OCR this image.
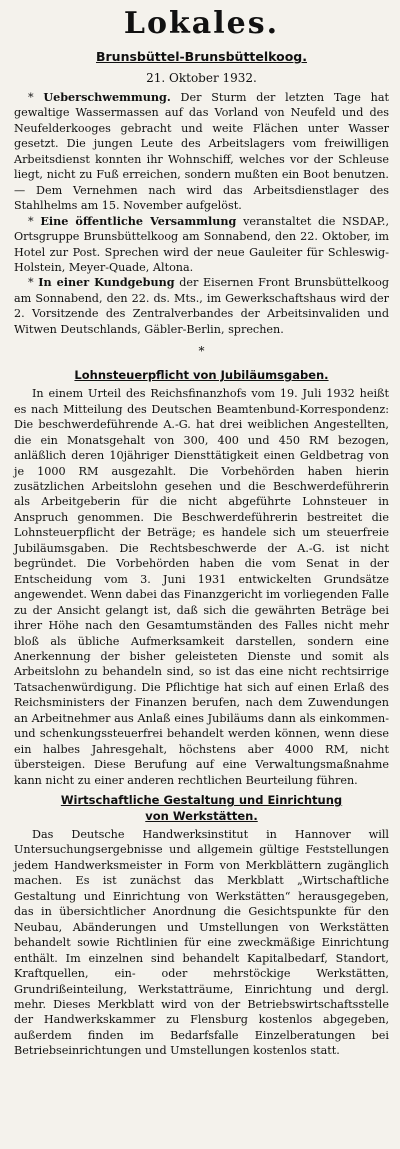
Lokales.
Brunsbüttel-Brunsbüttelkoog.
21. Oktober 1932.

* Ueberschwemmung. Der Sturm der letzten Tage hat gewaltige Wassermassen auf das Vorland von Neufeld und des Neufelderkooges gebracht und weite Flächen unter Wasser gesetzt. Die jungen Leute des Arbeitslagers vom freiwilligen Arbeitsdienst konnten ihr Wohnschiff, welches vor der Schleuse liegt, nicht zu Fuß erreichen, sondern mußten ein Boot benutzen. — Dem Vernehmen nach wird das Arbeitsdienstlager des Stahlhelms am 15. November aufgelöst.

* Eine öffentliche Versammlung veranstaltet die NSDAP., Ortsgruppe Brunsbüttelkoog am Sonnabend, den 22. Oktober, im Hotel zur Post. Sprechen wird der neue Gauleiter für Schleswig-Holstein, Meyer-Quade, Altona.

* In einer Kundgebung der Eisernen Front Brunsbüttelkoog am Sonnabend, den 22. ds. Mts., im Gewerkschaftshaus wird der 2. Vorsitzende des Zentralverbandes der Arbeitsinvaliden und Witwen Deutschlands, Gäbler-Berlin, sprechen.

*
Lohnsteuerpflicht von Jubiläumsgaben.

In einem Urteil des Reichsfinanzhofs vom 19. Juli 1932 heißt es nach Mitteilung des Deutschen Beamtenbund-Korrespondenz: Die beschwerdeführende A.-G. hat drei weiblichen Angestellten, die ein Monatsgehalt von 300, 400 und 450 RM bezogen, anläßlich deren 10jähriger Diensttätigkeit einen Geldbetrag von je 1000 RM ausgezahlt. Die Vorbehörden haben hierin zusätzlichen Arbeitslohn gesehen und die Beschwerdeführerin als Arbeitgeberin für die nicht abgeführte Lohnsteuer in Anspruch genommen. Die Beschwerdeführerin bestreitet die Lohnsteuerpflicht der Beträge; es handele sich um steuerfreie Jubiläumsgaben. Die Rechtsbeschwerde der A.-G. ist nicht begründet. Die Vorbehörden haben die vom Senat in der Entscheidung vom 3. Juni 1931 entwickelten Grundsätze angewendet. Wenn dabei das Finanzgericht im vorliegenden Falle zu der Ansicht gelangt ist, daß sich die gewährten Beträge bei ihrer Höhe nach den Gesamtumständen des Falles nicht mehr bloß als übliche Aufmerksamkeit darstellen, sondern eine Anerkennung der bisher geleisteten Dienste und somit als Arbeitslohn zu behandeln sind, so ist das eine nicht rechtsirrige Tatsachenwürdigung. Die Pflichtige hat sich auf einen Erlaß des Reichsministers der Finanzen berufen, nach dem Zuwendungen an Arbeitnehmer aus Anlaß eines Jubiläums dann als einkommen- und schenkungssteuerfrei behandelt werden können, wenn diese ein halbes Jahresgehalt, höchstens aber 4000 RM, nicht übersteigen. Diese Berufung auf eine Verwaltungsmaßnahme kann nicht zu einer anderen rechtlichen Beurteilung führen.

Wirtschaftliche Gestaltung und Einrichtung
von Werkstätten.

Das Deutsche Handwerksinstitut in Hannover will Untersuchungsergebnisse und allgemein gültige Feststellungen jedem Handwerksmeister in Form von Merkblättern zugänglich machen. Es ist zunächst das Merkblatt „Wirtschaftliche Gestaltung und Einrichtung von Werkstätten“ herausgegeben, das in übersichtlicher Anordnung die Gesichtspunkte für den Neubau, Abänderungen und Umstellungen von Werkstätten behandelt sowie Richtlinien für eine zweckmäßige Einrichtung enthält. Im einzelnen sind behandelt Kapitalbedarf, Standort, Kraftquellen, ein- oder mehrstöckige Werkstätten, Grundrißeinteilung, Werkstatträume, Einrichtung und dergl. mehr. Dieses Merkblatt wird von der Betriebswirtschaftsstelle der Handwerkskammer zu Flensburg kostenlos abgegeben, außerdem finden im Bedarfsfalle Einzelberatungen bei Betriebseinrichtungen und Umstellungen kostenlos statt.
